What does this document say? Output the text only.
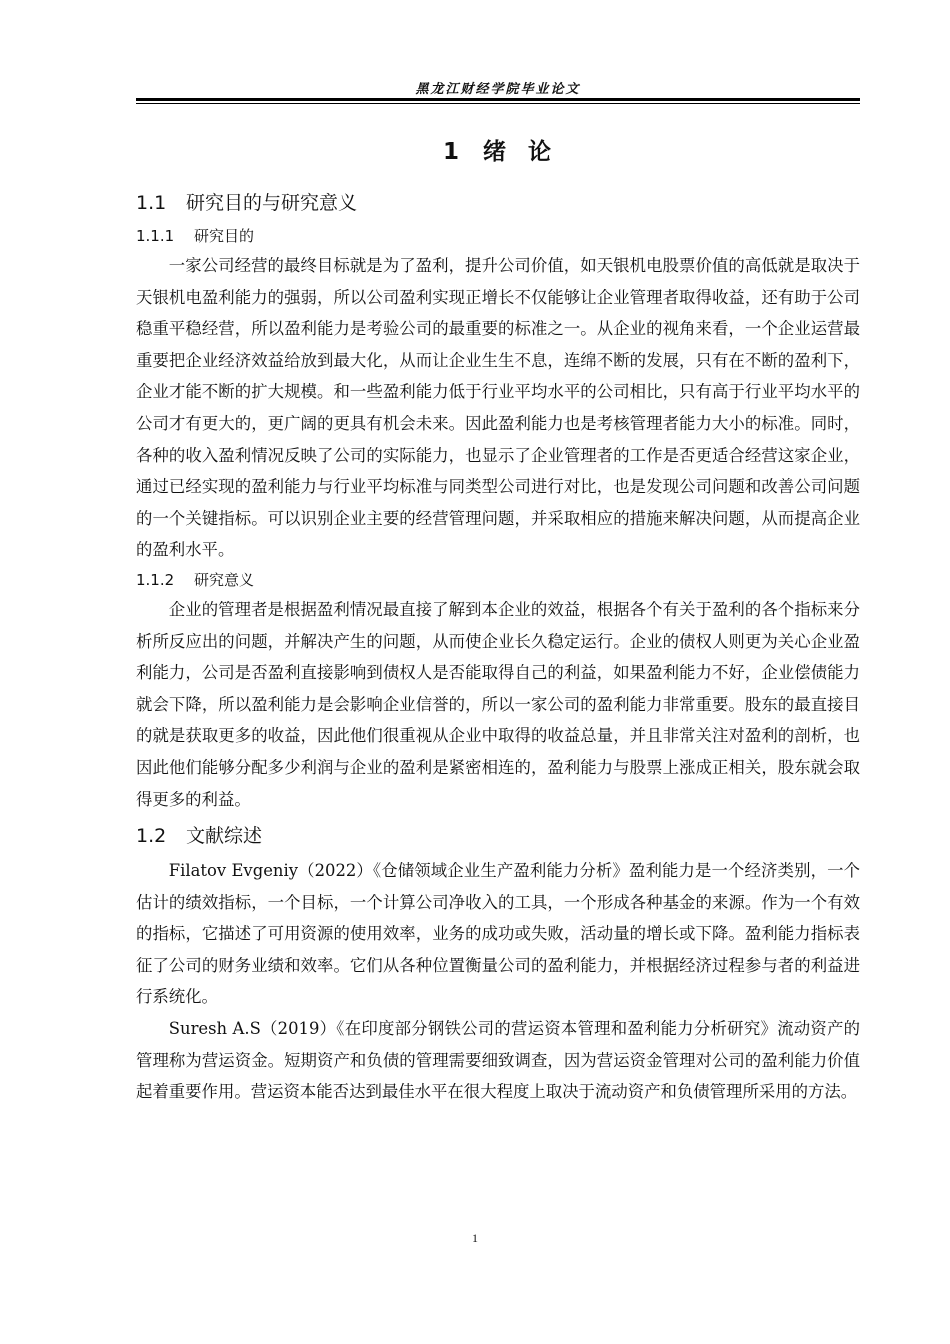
黑龙江财经学院毕业论文
1 绪 论
1.1 研究目的与研究意义
1.1.1 研究目的

一家公司经营的最终目标就是为了盈利，提升公司价值，如天银机电股票价值的高低就是取决于天银机电盈利能力的强弱，所以公司盈利实现正增长不仅能够让企业管理者取得收益，还有助于公司稳重平稳经营，所以盈利能力是考验公司的最重要的标准之一。从企业的视角来看，一个企业运营最重要把企业经济效益给放到最大化，从而让企业生生不息，连绵不断的发展，只有在不断的盈利下，企业才能不断的扩大规模。和一些盈利能力低于行业平均水平的公司相比，只有高于行业平均水平的公司才有更大的，更广阔的更具有机会未来。因此盈利能力也是考核管理者能力大小的标准。同时，各种的收入盈利情况反映了公司的实际能力，也显示了企业管理者的工作是否更适合经营这家企业，通过已经实现的盈利能力与行业平均标准与同类型公司进行对比，也是发现公司问题和改善公司问题的一个关键指标。可以识别企业主要的经营管理问题，并采取相应的措施来解决问题，从而提高企业的盈利水平。

1.1.2 研究意义

企业的管理者是根据盈利情况最直接了解到本企业的效益，根据各个有关于盈利的各个指标来分析所反应出的问题，并解决产生的问题，从而使企业长久稳定运行。企业的债权人则更为关心企业盈利能力，公司是否盈利直接影响到债权人是否能取得自己的利益，如果盈利能力不好，企业偿债能力就会下降，所以盈利能力是会影响企业信誉的，所以一家公司的盈利能力非常重要。股东的最直接目的就是获取更多的收益，因此他们很重视从企业中取得的收益总量，并且非常关注对盈利的剖析，也因此他们能够分配多少利润与企业的盈利是紧密相连的，盈利能力与股票上涨成正相关，股东就会取得更多的利益。

1.2 文献综述

Filatov Evgeniy（2022）《仓储领域企业生产盈利能力分析》盈利能力是一个经济类别，一个估计的绩效指标，一个目标，一个计算公司净收入的工具，一个形成各种基金的来源。作为一个有效的指标，它描述了可用资源的使用效率，业务的成功或失败，活动量的增长或下降。盈利能力指标表征了公司的财务业绩和效率。它们从各种位置衡量公司的盈利能力，并根据经济过程参与者的利益进行系统化。

Suresh A.S（2019）《在印度部分钢铁公司的营运资本管理和盈利能力分析研究》流动资产的管理称为营运资金。短期资产和负债的管理需要细致调查，因为营运资金管理对公司的盈利能力价值起着重要作用。营运资本能否达到最佳水平在很大程度上取决于流动资产和负债管理所采用的方法。

1
